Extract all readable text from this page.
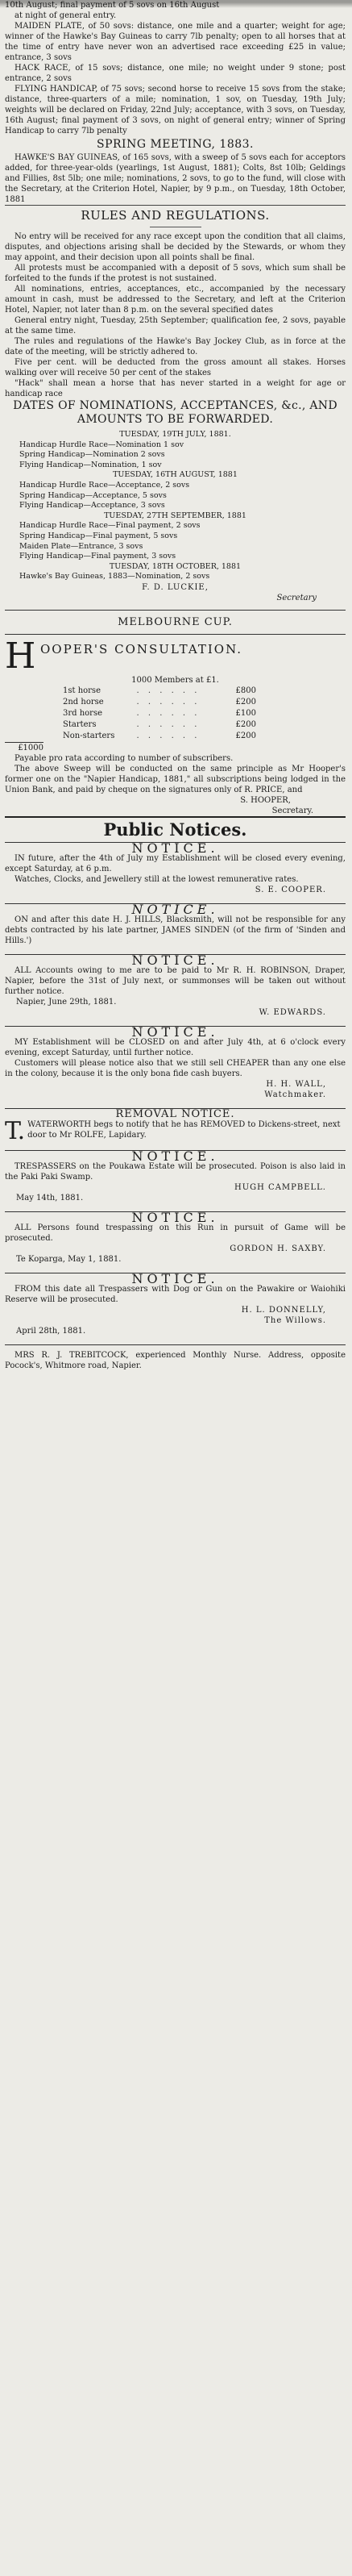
10th August; final payment of 5 sovs on 16th August

at night of general entry.

MAIDEN PLATE, of 50 sovs: distance, one mile and a quarter; weight for age; winner of the Hawke's Bay Guineas to carry 7lb penalty; open to all horses that at the time of entry have never won an advertised race exceeding £25 in value; entrance, 3 sovs

HACK RACE, of 15 sovs; distance, one mile; no weight under 9 stone; post entrance, 2 sovs

FLYING HANDICAP, of 75 sovs; second horse to receive 15 sovs from the stake; distance, three-quarters of a mile; nomination, 1 sov, on Tuesday, 19th July; weights will be declared on Friday, 22nd July; acceptance, with 3 sovs, on Tuesday, 16th August; final payment of 3 sovs, on night of general entry; winner of Spring Handicap to carry 7lb penalty

SPRING MEETING, 1883.

HAWKE'S BAY GUINEAS, of 165 sovs, with a sweep of 5 sovs each for acceptors added, for three-year-olds (yearlings, 1st August, 1881); Colts, 8st 10lb; Geldings and Fillies, 8st 5lb; one mile; nominations, 2 sovs, to go to the fund, will close with the Secretary, at the Criterion Hotel, Napier, by 9 p.m., on Tuesday, 18th October, 1881

RULES AND REGULATIONS.

No entry will be received for any race except upon the condition that all claims, disputes, and objections arising shall be decided by the Stewards, or whom they may appoint, and their decision upon all points shall be final.

All protests must be accompanied with a deposit of 5 sovs, which sum shall be forfeited to the funds if the protest is not sustained.

All nominations, entries, acceptances, etc., accompanied by the necessary amount in cash, must be addressed to the Secretary, and left at the Criterion Hotel, Napier, not later than 8 p.m. on the several specified dates

General entry night, Tuesday, 25th September; qualification fee, 2 sovs, payable at the same time.

The rules and regulations of the Hawke's Bay Jockey Club, as in force at the date of the meeting, will be strictly adhered to.

Five per cent. will be deducted from the gross amount all stakes. Horses walking over will receive 50 per cent of the stakes

"Hack" shall mean a horse that has never started in a weight for age or handicap race

DATES OF NOMINATIONS, ACCEPTANCES, &c., AND AMOUNTS TO BE FORWARDED.

TUESDAY, 19TH JULY, 1881.

Handicap Hurdle Race—Nomination 1 sov

Spring Handicap—Nomination 2 sovs

Flying Handicap—Nomination, 1 sov

TUESDAY, 16TH AUGUST, 1881

Handicap Hurdle Race—Acceptance, 2 sovs

Spring Handicap—Acceptance, 5 sovs

Flying Handicap—Acceptance, 3 sovs

TUESDAY, 27TH SEPTEMBER, 1881

Handicap Hurdle Race—Final payment, 2 sovs

Spring Handicap—Final payment, 5 sovs

Maiden Plate—Entrance, 3 sovs

Flying Handicap—Final payment, 3 sovs

TUESDAY, 18TH OCTOBER, 1881

Hawke's Bay Guineas, 1883—Nomination, 2 sovs

F. D. LUCKIE,

Secretary

MELBOURNE CUP.

H OOPER'S CONSULTATION.

1000 Members at £1.

1st horse	. . . . . .	£800
2nd horse	. . . . . .	£200
3rd horse	. . . . . .	£100
Starters	. . . . . .	£200
Non-starters	. . . . . .	£200

£1000

Payable pro rata according to number of subscribers.

The above Sweep will be conducted on the same principle as Mr Hooper's former one on the "Napier Handicap, 1881," all subscriptions being lodged in the Union Bank, and paid by cheque on the signatures only of R. PRICE, and

S. HOOPER,

Secretary.

Public Notices.

NOTICE.

IN future, after the 4th of July my Establishment will be closed every evening, except Saturday, at 6 p.m.

Watches, Clocks, and Jewellery still at the lowest remunerative rates.

S. E. COOPER.

NOTICE.

ON and after this date H. J. HILLS, Blacksmith, will not be responsible for any debts contracted by his late partner, JAMES SINDEN (of the firm of 'Sinden and Hills.')

NOTICE.

ALL Accounts owing to me are to be paid to Mr R. H. ROBINSON, Draper, Napier, before the 31st of July next, or summonses will be taken out without further notice.

Napier, June 29th, 1881.

W. EDWARDS.

NOTICE.

MY Establishment will be CLOSED on and after July 4th, at 6 o'clock every evening, except Saturday, until further notice.

Customers will please notice also that we still sell CHEAPER than any one else in the colony, because it is the only bona fide cash buyers.

H. H. WALL,

Watchmaker.

REMOVAL NOTICE.

T. WATERWORTH begs to notify that he has REMOVED to Dickens-street, next door to Mr ROLFE, Lapidary.

NOTICE.

TRESPASSERS on the Poukawa Estate will be prosecuted. Poison is also laid in the Paki Paki Swamp.

HUGH CAMPBELL.

May 14th, 1881.

NOTICE.

ALL Persons found trespassing on this Run in pursuit of Game will be prosecuted.

GORDON H. SAXBY.

Te Koparga, May 1, 1881.

NOTICE.

FROM this date all Trespassers with Dog or Gun on the Pawakire or Waiohiki Reserve will be prosecuted.

H. L. DONNELLY,

The Willows.

April 28th, 1881.

MRS R. J. TREBITCOCK, experienced Monthly Nurse. Address, opposite Pocock's, Whitmore road, Napier.
